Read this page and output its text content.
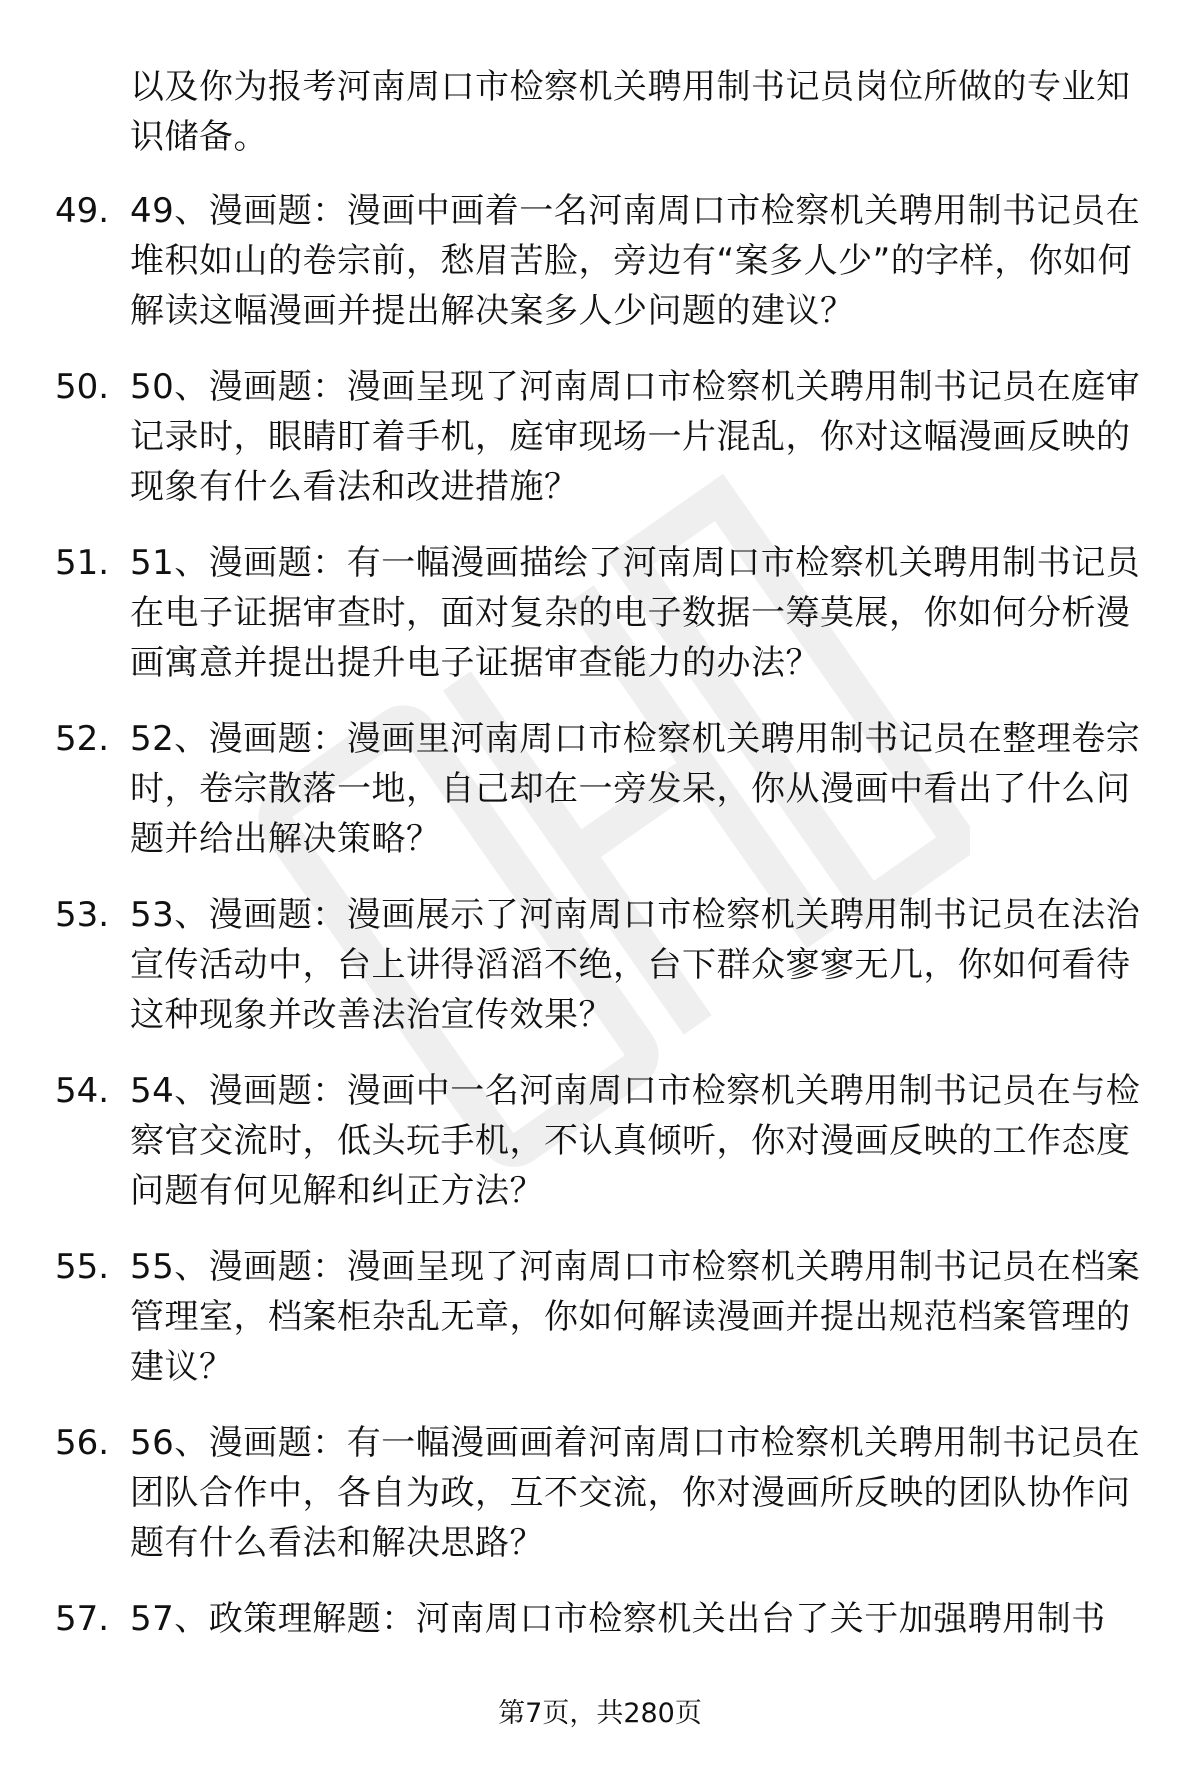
以及你为报考河南周口市检察机关聘用制书记员岗位所做的专业知识储备。
49. 49、漫画题：漫画中画着一名河南周口市检察机关聘用制书记员在堆积如山的卷宗前，愁眉苦脸，旁边有“案多人少”的字样，你如何解读这幅漫画并提出解决案多人少问题的建议？
50. 50、漫画题：漫画呈现了河南周口市检察机关聘用制书记员在庭审记录时，眼睛盯着手机，庭审现场一片混乱，你对这幅漫画反映的现象有什么看法和改进措施？
51. 51、漫画题：有一幅漫画描绘了河南周口市检察机关聘用制书记员在电子证据审查时，面对复杂的电子数据一筹莫展，你如何分析漫画寓意并提出提升电子证据审查能力的办法？
52. 52、漫画题：漫画里河南周口市检察机关聘用制书记员在整理卷宗时，卷宗散落一地，自己却在一旁发呆，你从漫画中看出了什么问题并给出解决策略？
53. 53、漫画题：漫画展示了河南周口市检察机关聘用制书记员在法治宣传活动中，台上讲得滔滔不绝，台下群众寥寥无几，你如何看待这种现象并改善法治宣传效果？
54. 54、漫画题：漫画中一名河南周口市检察机关聘用制书记员在与检察官交流时，低头玩手机，不认真倾听，你对漫画反映的工作态度问题有何见解和纠正方法？
55. 55、漫画题：漫画呈现了河南周口市检察机关聘用制书记员在档案管理室，档案柜杂乱无章，你如何解读漫画并提出规范档案管理的建议？
56. 56、漫画题：有一幅漫画画着河南周口市检察机关聘用制书记员在团队合作中，各自为政，互不交流，你对漫画所反映的团队协作问题有什么看法和解决思路？
57. 57、政策理解题：河南周口市检察机关出台了关于加强聘用制书
第7页，共280页
